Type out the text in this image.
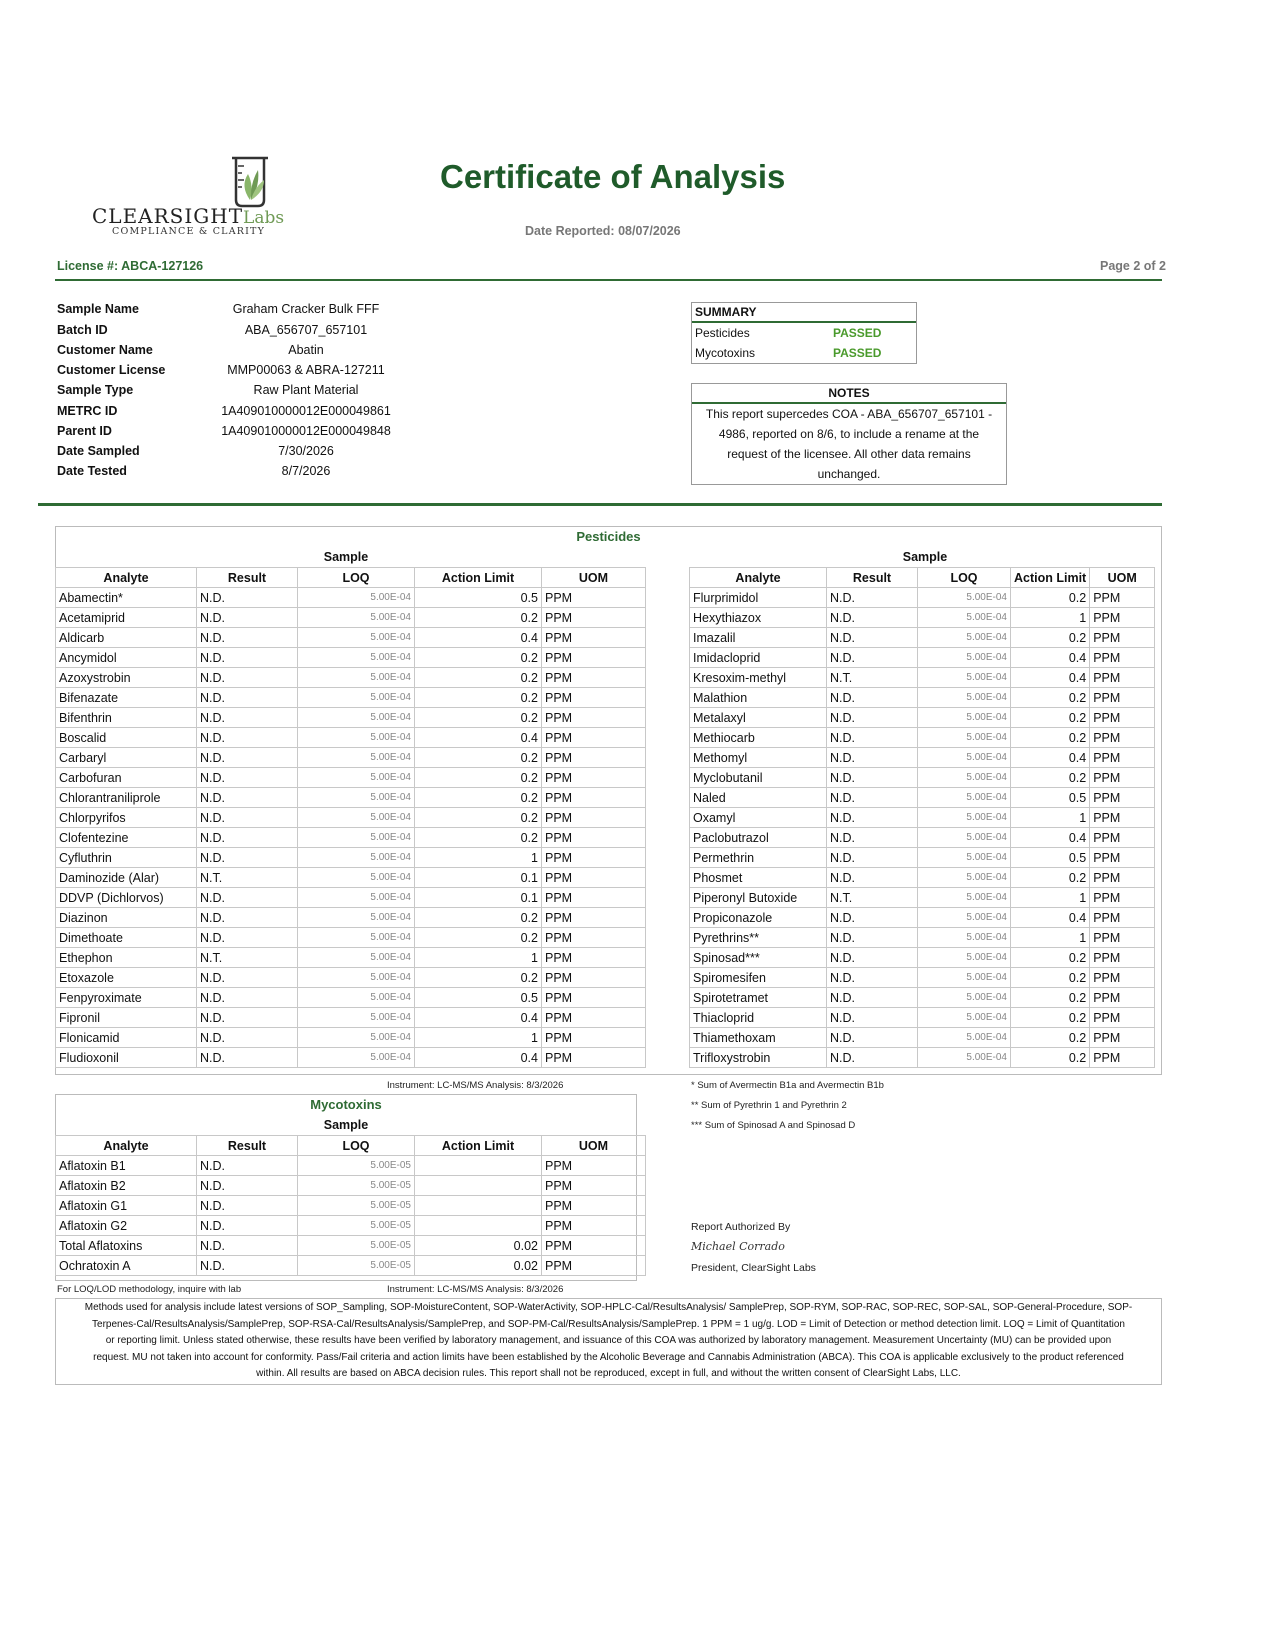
CLEARSIGHTLabs
COMPLIANCE & CLARITY
Certificate of Analysis
Date Reported: 08/07/2026
License #: ABCA-127126	Page 2 of 2
Sample Name	Graham Cracker Bulk FFF
Batch ID	ABA_656707_657101
Customer Name	Abatin
Customer License	MMP00063 & ABRA-127211
Sample Type	Raw Plant Material
METRC ID	1A409010000012E000049861
Parent ID	1A409010000012E000049848
Date Sampled	7/30/2026
Date Tested	8/7/2026
SUMMARY
Pesticides	PASSED
Mycotoxins	PASSED
NOTES
This report supercedes COA - ABA_656707_657101 -
4986, reported on 8/6, to include a rename at the
request of the licensee. All other data remains
unchanged.
Pesticides
Sample	Sample
Analyte	Result	LOQ	Action Limit	UOM
Abamectin*	N.D.	5.00E-04	0.5	PPM
Acetamiprid	N.D.	5.00E-04	0.2	PPM
Aldicarb	N.D.	5.00E-04	0.4	PPM
Ancymidol	N.D.	5.00E-04	0.2	PPM
Azoxystrobin	N.D.	5.00E-04	0.2	PPM
Bifenazate	N.D.	5.00E-04	0.2	PPM
Bifenthrin	N.D.	5.00E-04	0.2	PPM
Boscalid	N.D.	5.00E-04	0.4	PPM
Carbaryl	N.D.	5.00E-04	0.2	PPM
Carbofuran	N.D.	5.00E-04	0.2	PPM
Chlorantraniliprole	N.D.	5.00E-04	0.2	PPM
Chlorpyrifos	N.D.	5.00E-04	0.2	PPM
Clofentezine	N.D.	5.00E-04	0.2	PPM
Cyfluthrin	N.D.	5.00E-04	1	PPM
Daminozide (Alar)	N.T.	5.00E-04	0.1	PPM
DDVP (Dichlorvos)	N.D.	5.00E-04	0.1	PPM
Diazinon	N.D.	5.00E-04	0.2	PPM
Dimethoate	N.D.	5.00E-04	0.2	PPM
Ethephon	N.T.	5.00E-04	1	PPM
Etoxazole	N.D.	5.00E-04	0.2	PPM
Fenpyroximate	N.D.	5.00E-04	0.5	PPM
Fipronil	N.D.	5.00E-04	0.4	PPM
Flonicamid	N.D.	5.00E-04	1	PPM
Fludioxonil	N.D.	5.00E-04	0.4	PPM
Analyte	Result	LOQ	Action Limit	UOM
Flurprimidol	N.D.	5.00E-04	0.2	PPM
Hexythiazox	N.D.	5.00E-04	1	PPM
Imazalil	N.D.	5.00E-04	0.2	PPM
Imidacloprid	N.D.	5.00E-04	0.4	PPM
Kresoxim-methyl	N.T.	5.00E-04	0.4	PPM
Malathion	N.D.	5.00E-04	0.2	PPM
Metalaxyl	N.D.	5.00E-04	0.2	PPM
Methiocarb	N.D.	5.00E-04	0.2	PPM
Methomyl	N.D.	5.00E-04	0.4	PPM
Myclobutanil	N.D.	5.00E-04	0.2	PPM
Naled	N.D.	5.00E-04	0.5	PPM
Oxamyl	N.D.	5.00E-04	1	PPM
Paclobutrazol	N.D.	5.00E-04	0.4	PPM
Permethrin	N.D.	5.00E-04	0.5	PPM
Phosmet	N.D.	5.00E-04	0.2	PPM
Piperonyl Butoxide	N.T.	5.00E-04	1	PPM
Propiconazole	N.D.	5.00E-04	0.4	PPM
Pyrethrins**	N.D.	5.00E-04	1	PPM
Spinosad***	N.D.	5.00E-04	0.2	PPM
Spiromesifen	N.D.	5.00E-04	0.2	PPM
Spirotetramet	N.D.	5.00E-04	0.2	PPM
Thiacloprid	N.D.	5.00E-04	0.2	PPM
Thiamethoxam	N.D.	5.00E-04	0.2	PPM
Trifloxystrobin	N.D.	5.00E-04	0.2	PPM
Instrument: LC-MS/MS Analysis: 8/3/2026	* Sum of Avermectin B1a and Avermectin B1b
** Sum of Pyrethrin 1 and Pyrethrin 2
*** Sum of Spinosad A and Spinosad D
Mycotoxins
Sample
Analyte	Result	LOQ	Action Limit	UOM
Aflatoxin B1	N.D.	5.00E-05		PPM
Aflatoxin B2	N.D.	5.00E-05		PPM
Aflatoxin G1	N.D.	5.00E-05		PPM
Aflatoxin G2	N.D.	5.00E-05		PPM
Total Aflatoxins	N.D.	5.00E-05	0.02	PPM
Ochratoxin A	N.D.	5.00E-05	0.02	PPM
For LOQ/LOD methodology, inquire with lab	Instrument: LC-MS/MS Analysis: 8/3/2026
Report Authorized By
Michael Corrado
President, ClearSight Labs
Methods used for analysis include latest versions of SOP_Sampling, SOP-MoistureContent, SOP-WaterActivity, SOP-HPLC-Cal/ResultsAnalysis/ SamplePrep, SOP-RYM, SOP-RAC, SOP-REC, SOP-SAL, SOP-General-Procedure, SOP-
Terpenes-Cal/ResultsAnalysis/SamplePrep, SOP-RSA-Cal/ResultsAnalysis/SamplePrep, and SOP-PM-Cal/ResultsAnalysis/SamplePrep. 1 PPM = 1 ug/g. LOD = Limit of Detection or method detection limit. LOQ = Limit of Quantitation
or reporting limit. Unless stated otherwise, these results have been verified by laboratory management, and issuance of this COA was authorized by laboratory management. Measurement Uncertainty (MU) can be provided upon
request. MU not taken into account for conformity. Pass/Fail criteria and action limits have been established by the Alcoholic Beverage and Cannabis Administration (ABCA). This COA is applicable exclusively to the product referenced
within. All results are based on ABCA decision rules. This report shall not be reproduced, except in full, and without the written consent of ClearSight Labs, LLC.
